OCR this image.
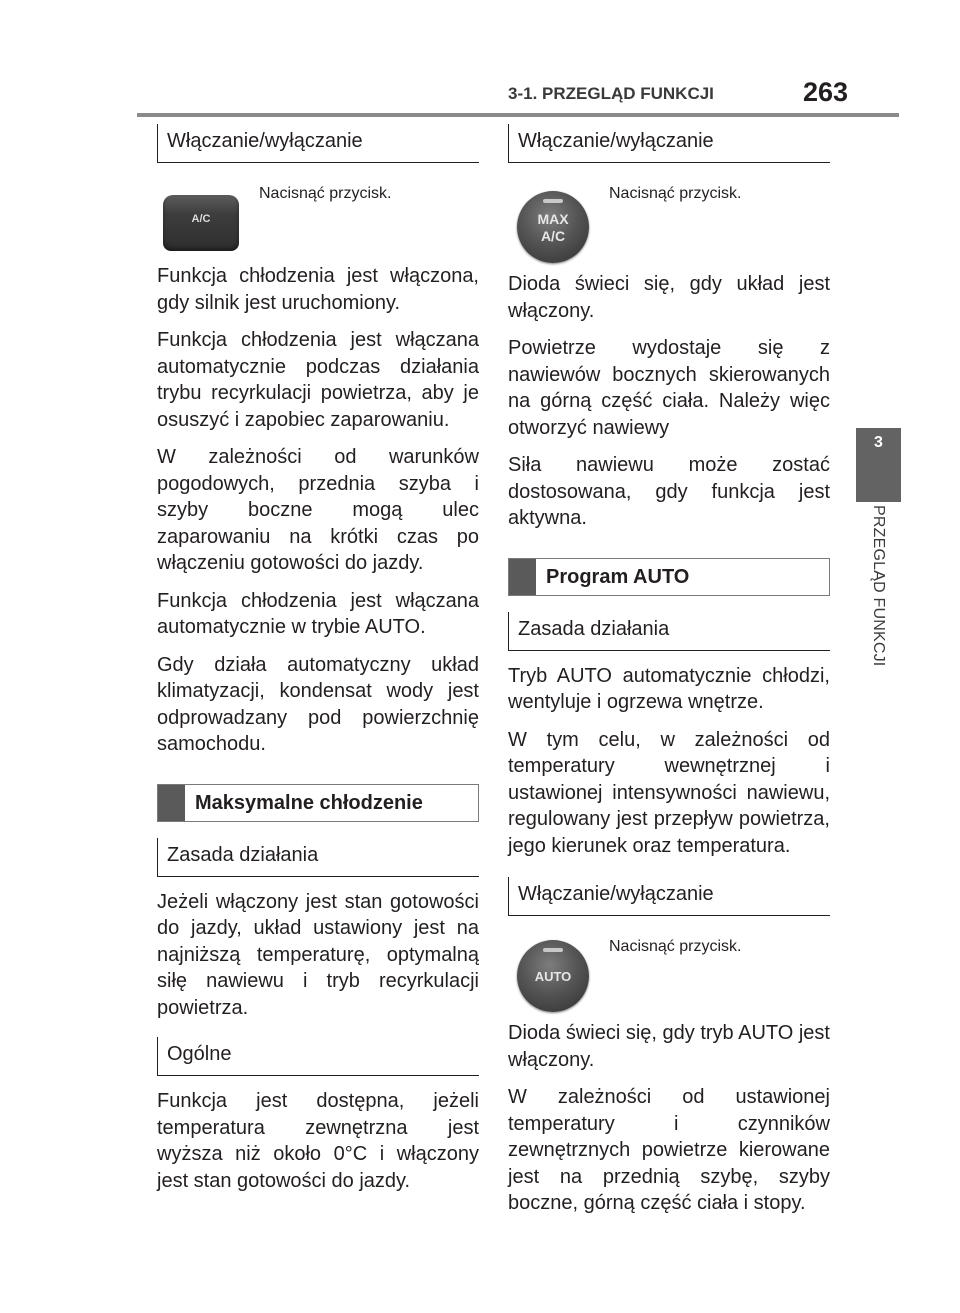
3-1. PRZEGLĄD FUNKCJI	263
3
PRZEGLĄD FUNKCJI
Włączanie/wyłączanie
A/C
Nacisnąć przycisk.

Funkcja chłodzenia jest włączona, gdy silnik jest uruchomiony.

Funkcja chłodzenia jest włączana automatycznie podczas działania trybu recyrkulacji powietrza, aby je osuszyć i zapobiec zaparowaniu.

W zależności od warunków pogodowych, przednia szyba i szyby boczne mogą ulec zaparowaniu na krótki czas po włączeniu gotowości do jazdy.

Funkcja chłodzenia jest włączana automatycznie w trybie AUTO.

Gdy działa automatyczny układ klimatyzacji, kondensat wody jest odprowadzany pod powierzchnię samochodu.

Maksymalne chłodzenie
Zasada działania

Jeżeli włączony jest stan gotowości do jazdy, układ ustawiony jest na najniższą temperaturę, optymalną siłę nawiewu i tryb recyrkulacji powietrza.

Ogólne

Funkcja jest dostępna, jeżeli temperatura zewnętrzna jest wyższa niż około 0°C i włączony jest stan gotowości do jazdy.

Włączanie/wyłączanie
MAX
A/C
Nacisnąć przycisk.

Dioda świeci się, gdy układ jest włączony.

Powietrze wydostaje się z nawiewów bocznych skierowanych na górną część ciała. Należy więc otworzyć nawiewy

Siła nawiewu może zostać dostosowana, gdy funkcja jest aktywna.

Program AUTO
Zasada działania

Tryb AUTO automatycznie chłodzi, wentyluje i ogrzewa wnętrze.

W tym celu, w zależności od temperatury wewnętrznej i ustawionej intensywności nawiewu, regulowany jest przepływ powietrza, jego kierunek oraz temperatura.

Włączanie/wyłączanie
AUTO
Nacisnąć przycisk.

Dioda świeci się, gdy tryb AUTO jest włączony.

W zależności od ustawionej temperatury i czynników zewnętrznych powietrze kierowane jest na przednią szybę, szyby boczne, górną część ciała i stopy.
